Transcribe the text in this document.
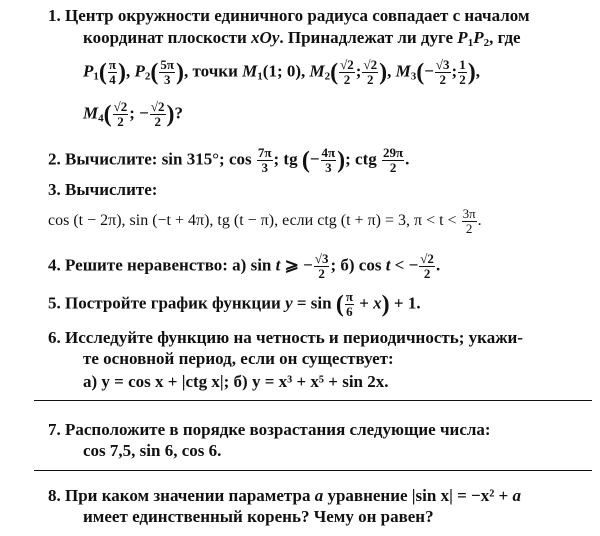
1. Центр окружности единичного радиуса совпадает с началом
координат плоскости xOy. Принадлежат ли дуге $P_1P_2$, где
$P_1( \frac{\pi}{4}$ ), $P_2( \frac{5\pi}{3}$ ), точки $M_1(1$; 0), $M_2( \frac{√2}{2}$ ; $\frac{√2}{2}$ ), $M_3(- \frac{√3}{2}$ ; $\frac{1}{2}$ ),
$M_4( \frac{√2}{2}$ ; − $\frac{√2}{2}$ )?
2. Вычислите: sin 315°; $\cos \frac{7\pi}{3}$ ; tg (− $\frac{4\pi}{3}$ ); ctg $\frac{29\pi}{2}$ .
3. Вычислите:
cos (t − 2π), sin (−t + 4π), tg (t − π), если ctg (t + π) = 3, $\pi < t < \frac{3\pi}{2}$ .
4. Решите неравенство: а) sin t ⩾ − $\frac{√3}{2}$ ; б) cos t < − $\frac{√2}{2}$ .
5. Постройте график функции y = sin ( $\frac{\pi}{6} + x) + 1$.
6. Исследуйте функцию на четность и периодичность; укажи-
те основной период, если он существует:
а) y = cos x + |ctg x|; б) y = x³ + x⁵ + sin 2x.
7. Расположите в порядке возрастания следующие числа:
cos 7,5, sin 6, cos 6.
8. При каком значении параметра a уравнение |sin x| = −x² + a
имеет единственный корень? Чему он равен?
